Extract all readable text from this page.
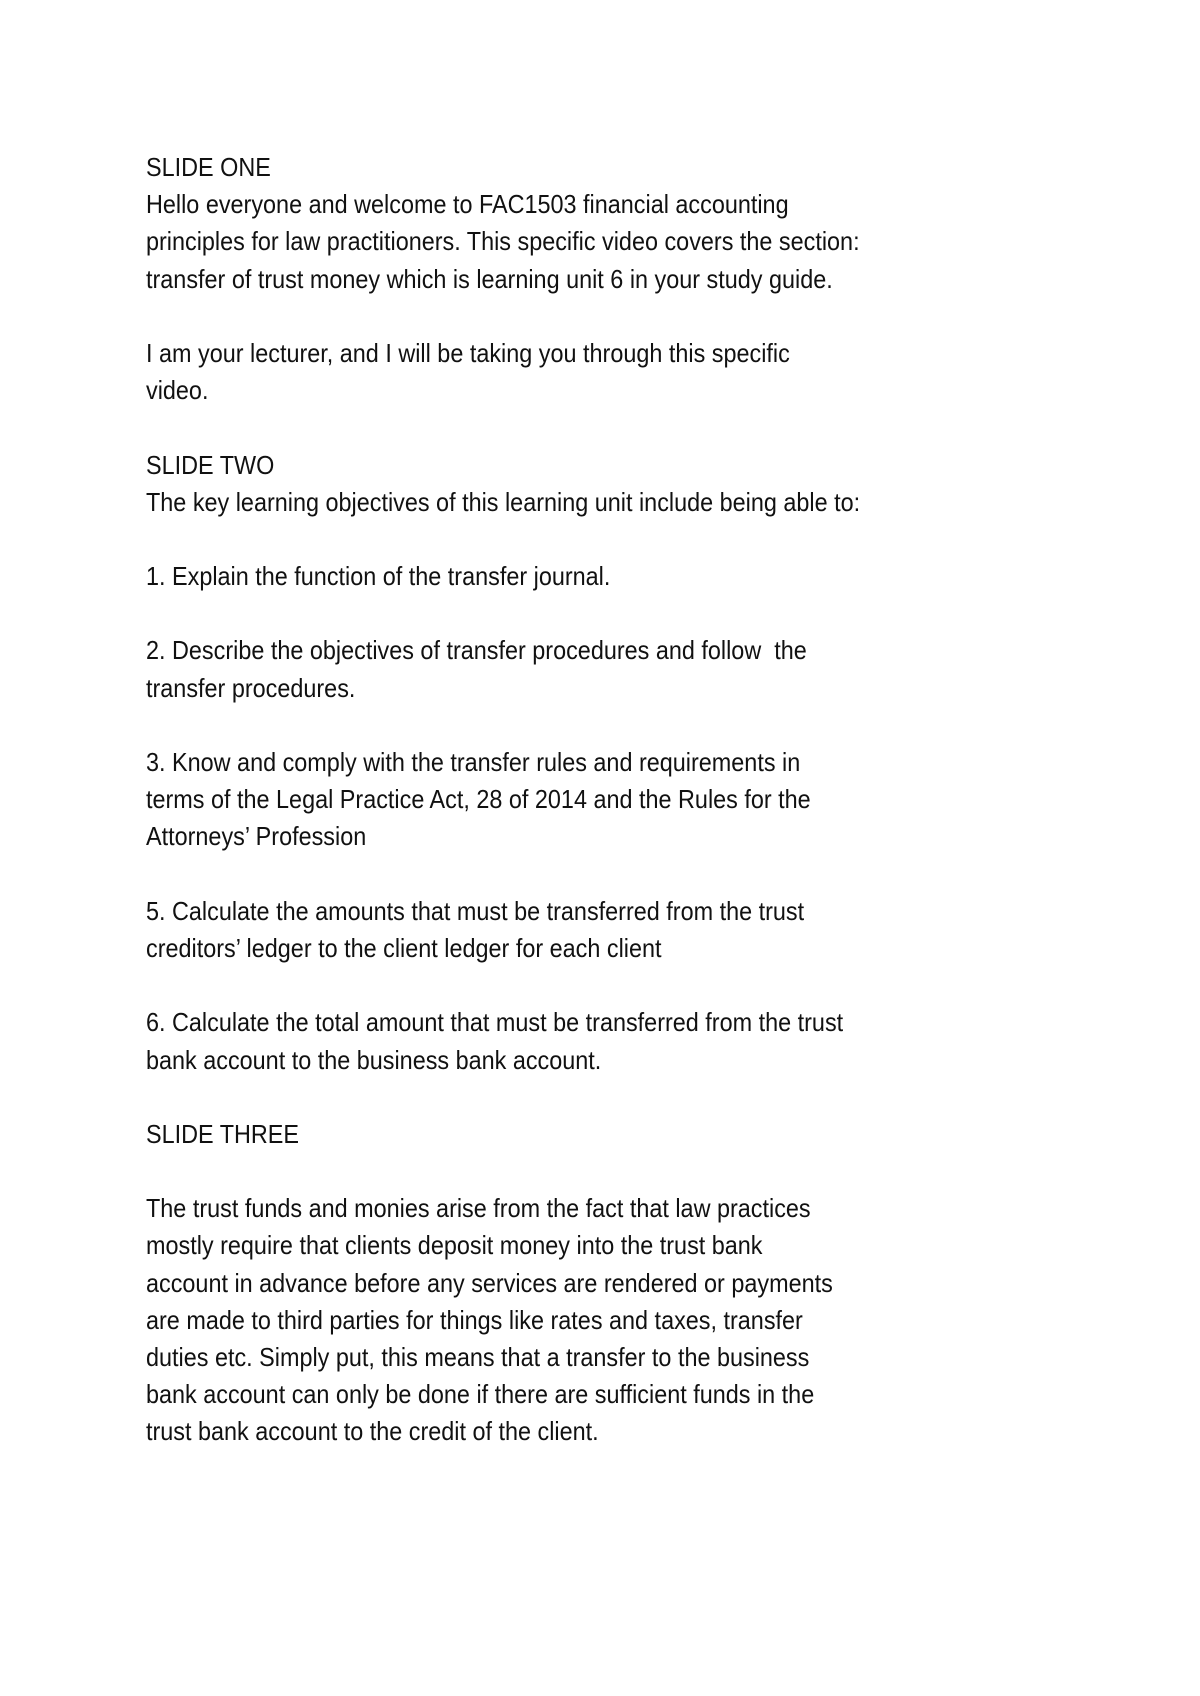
SLIDE ONE
Hello everyone and welcome to FAC1503 financial accounting
principles for law practitioners. This specific video covers the section:
transfer of trust money which is learning unit 6 in your study guide.
I am your lecturer, and I will be taking you through this specific
video.
SLIDE TWO
The key learning objectives of this learning unit include being able to:
1. Explain the function of the transfer journal.
2. Describe the objectives of transfer procedures and follow  the
transfer procedures.
3. Know and comply with the transfer rules and requirements in
terms of the Legal Practice Act, 28 of 2014 and the Rules for the
Attorneys’ Profession
5. Calculate the amounts that must be transferred from the trust
creditors’ ledger to the client ledger for each client
6. Calculate the total amount that must be transferred from the trust
bank account to the business bank account.
SLIDE THREE
The trust funds and monies arise from the fact that law practices
mostly require that clients deposit money into the trust bank
account in advance before any services are rendered or payments
are made to third parties for things like rates and taxes, transfer
duties etc. Simply put, this means that a transfer to the business
bank account can only be done if there are sufficient funds in the
trust bank account to the credit of the client.
